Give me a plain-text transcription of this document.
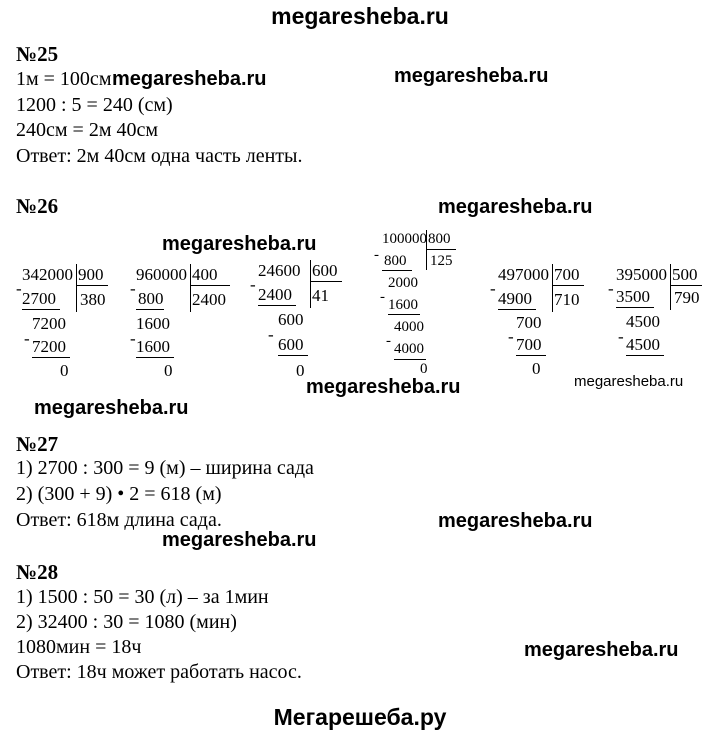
megaresheba.ru
№25
1м = 100см
1200 : 5 = 240 (см)
240см = 2м 40см
Ответ: 2м 40см одна часть ленты.
megaresheba.ru	megaresheba.ru
№26	megaresheba.ru
megaresheba.ru
342000 900
380
-
2700
7200
- 7200
0
960000 400
2400
-
800
1600
- 1600
0
24600 600
41
-
2400
600
-
600
0
100000 800
125
- 800
2000
- 1600
4000
- 4000
0
497000 700
710
-
4900
700
- 700
0
395000 500
790
- 3500
4500
- 4500
megaresheba.ru	megaresheba.ru
megaresheba.ru
№27
1) 2700 : 300 = 9 (м) – ширина сада
2) (300 + 9) • 2 = 618 (м)
Ответ: 618м длина сада.	megaresheba.ru
megaresheba.ru
№28
1) 1500 : 50 = 30 (л) – за 1мин
2) 32400 : 30 = 1080 (мин)
1080мин = 18ч
Ответ: 18ч может работать насос.
megaresheba.ru
Мегарешеба.ру
